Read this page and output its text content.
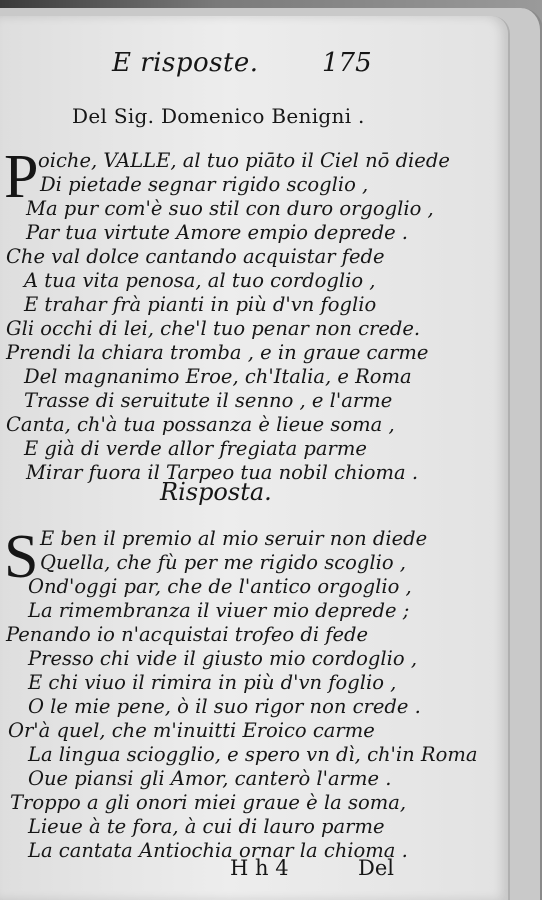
E risposte. 175
Del Sig. Domenico Benigni .
P oiche, VALLE, al tuo piāto il Ciel nō diede
Di pietade segnar rigido scoglio ,
Ma pur com'è suo stil con duro orgoglio ,
Par tua virtute Amore empio deprede .
Che val dolce cantando acquistar fede
A tua vita penosa, al tuo cordoglio ,
E trahar frà pianti in più d'vn foglio
Gli occhi di lei, che'l tuo penar non crede.
Prendi la chiara tromba , e in graue carme
Del magnanimo Eroe, ch'Italia, e Roma
Trasse di seruitute il senno , e l'arme
Canta, ch'à tua possanza è lieue soma ,
E già di verde allor fregiata parme
Mirar fuora il Tarpeo tua nobil chioma .
Risposta.
S E ben il premio al mio seruir non diede
Quella, che fù per me rigido scoglio ,
Ond'oggi par, che de l'antico orgoglio ,
La rimembranza il viuer mio deprede ;
Penando io n'acquistai trofeo di fede
Presso chi vide il giusto mio cordoglio ,
E chi viuo il rimira in più d'vn foglio ,
O le mie pene, ò il suo rigor non crede .
Or'à quel, che m'inuitti Eroico carme
La lingua sciogglio, e spero vn dì, ch'in Roma
Oue piansi gli Amor, canterò l'arme .
Troppo a gli onori miei graue è la soma,
Lieue à te fora, à cui di lauro parme
La cantata Antiochia ornar la chioma .
H h 4	Del
